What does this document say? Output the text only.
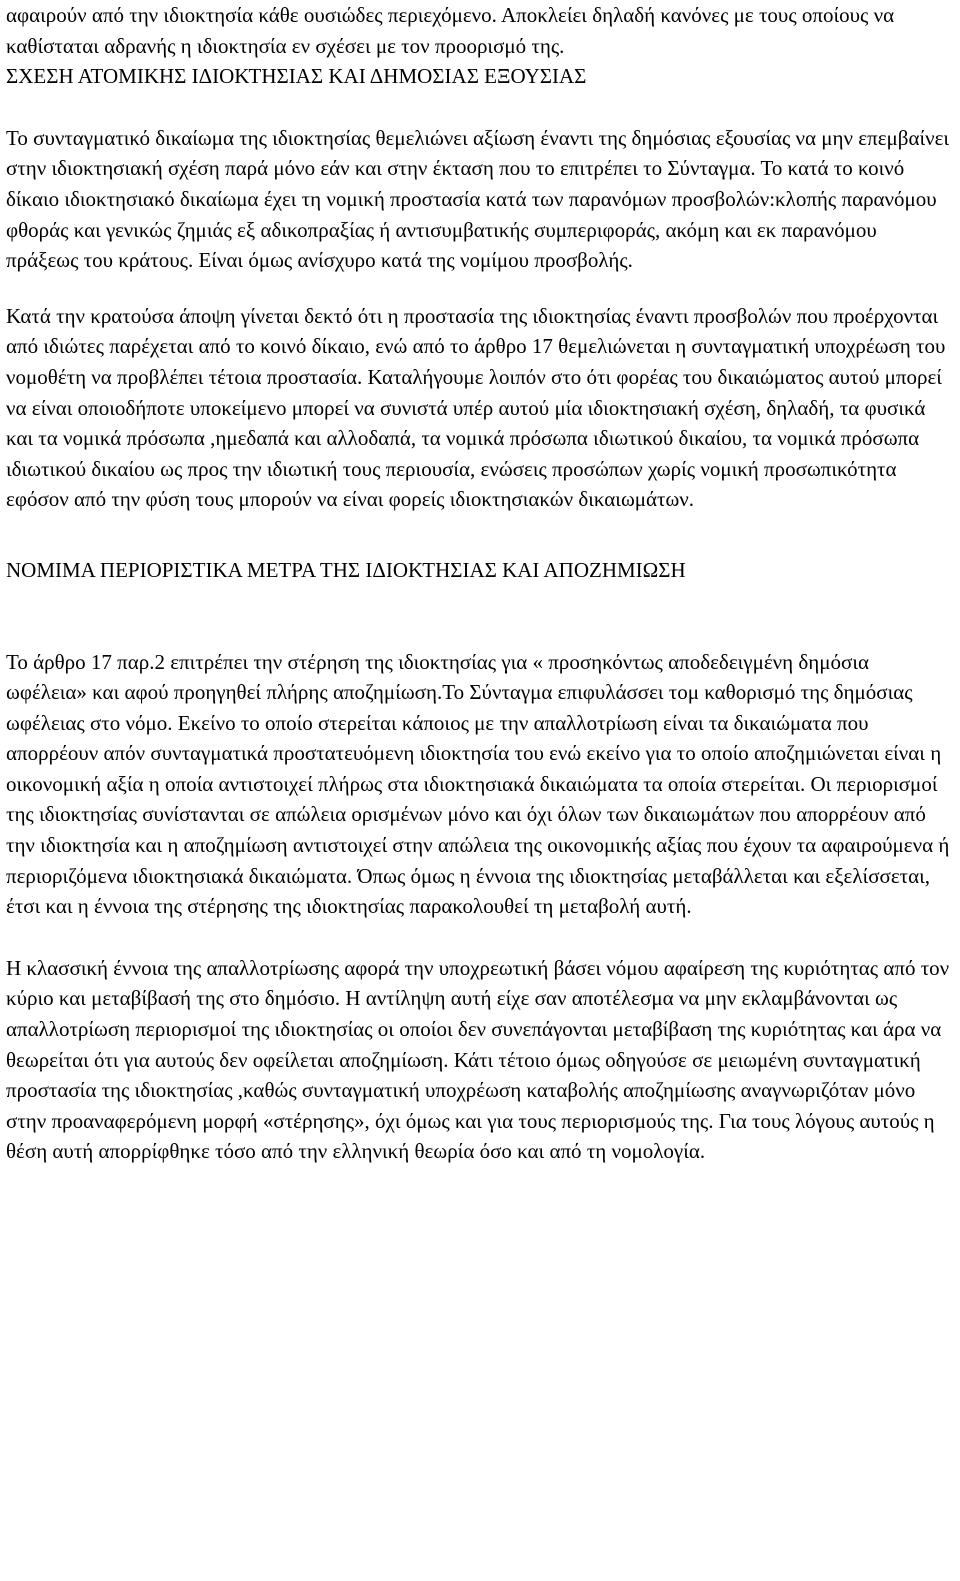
αφαιρούν από την ιδιοκτησία κάθε ουσιώδες περιεχόμενο. Αποκλείει δηλαδή κανόνες με τους οποίους να καθίσταται αδρανής η ιδιοκτησία εν σχέσει με τον προορισμό της.

ΣΧΕΣΗ ΑΤΟΜΙΚΗΣ ΙΔΙΟΚΤΗΣΙΑΣ ΚΑΙ ΔΗΜΟΣΙΑΣ ΕΞΟΥΣΙΑΣ

Το συνταγματικό δικαίωμα της ιδιοκτησίας θεμελιώνει αξίωση έναντι της δημόσιας εξουσίας να μην επεμβαίνει στην ιδιοκτησιακή σχέση παρά μόνο εάν και στην έκταση που το επιτρέπει το Σύνταγμα. Το κατά το κοινό δίκαιο ιδιοκτησιακό δικαίωμα έχει τη νομική προστασία κατά των παρανόμων προσβολών:κλοπής παρανόμου φθοράς και γενικώς ζημιάς εξ αδικοπραξίας ή αντισυμβατικής συμπεριφοράς, ακόμη και εκ παρανόμου πράξεως του κράτους. Είναι όμως ανίσχυρο κατά της νομίμου προσβολής.

Κατά την κρατούσα άποψη γίνεται δεκτό ότι η προστασία της ιδιοκτησίας έναντι προσβολών που προέρχονται από ιδιώτες παρέχεται από το κοινό δίκαιο, ενώ από το άρθρο 17 θεμελιώνεται η συνταγματική υποχρέωση του νομοθέτη να προβλέπει τέτοια προστασία. Καταλήγουμε λοιπόν στο ότι φορέας του δικαιώματος αυτού μπορεί να είναι οποιοδήποτε υποκείμενο μπορεί να συνιστά υπέρ αυτού μία ιδιοκτησιακή σχέση, δηλαδή, τα φυσικά και τα νομικά πρόσωπα ,ημεδαπά και αλλοδαπά, τα νομικά πρόσωπα ιδιωτικού δικαίου, τα νομικά πρόσωπα ιδιωτικού δικαίου ως προς την ιδιωτική τους περιουσία, ενώσεις προσώπων χωρίς νομική προσωπικότητα εφόσον από την φύση τους μπορούν να είναι φορείς ιδιοκτησιακών δικαιωμάτων.

ΝΟΜΙΜΑ ΠΕΡΙΟΡΙΣΤΙΚΑ ΜΕΤΡΑ ΤΗΣ ΙΔΙΟΚΤΗΣΙΑΣ ΚΑΙ ΑΠΟΖΗΜΙΩΣΗ

Το άρθρο 17 παρ.2 επιτρέπει την στέρηση της ιδιοκτησίας για « προσηκόντως αποδεδειγμένη δημόσια ωφέλεια» και αφού προηγηθεί πλήρης αποζημίωση.Το Σύνταγμα επιφυλάσσει τομ καθορισμό της δημόσιας ωφέλειας στο νόμο. Εκείνο το οποίο στερείται κάποιος με την απαλλοτρίωση είναι τα δικαιώματα που απορρέουν απόν συνταγματικά προστατευόμενη ιδιοκτησία του ενώ εκείνο για το οποίο αποζημιώνεται είναι η οικονομική αξία η οποία αντιστοιχεί πλήρως στα ιδιοκτησιακά δικαιώματα τα οποία στερείται. Οι περιορισμοί της ιδιοκτησίας συνίστανται σε απώλεια ορισμένων μόνο και όχι όλων των δικαιωμάτων που απορρέουν από την ιδιοκτησία και η αποζημίωση αντιστοιχεί στην απώλεια της οικονομικής αξίας που έχουν τα αφαιρούμενα ή περιοριζόμενα ιδιοκτησιακά δικαιώματα. Όπως όμως η έννοια της ιδιοκτησίας μεταβάλλεται και εξελίσσεται, έτσι και η έννοια της στέρησης της ιδιοκτησίας παρακολουθεί τη μεταβολή αυτή.

Η κλασσική έννοια της απαλλοτρίωσης αφορά την υποχρεωτική βάσει νόμου αφαίρεση της κυριότητας από τον κύριο και μεταβίβασή της στο δημόσιο. Η αντίληψη αυτή είχε σαν αποτέλεσμα να μην εκλαμβάνονται ως απαλλοτρίωση περιορισμοί της ιδιοκτησίας οι οποίοι δεν συνεπάγονται μεταβίβαση της κυριότητας και άρα να θεωρείται ότι για αυτούς δεν οφείλεται αποζημίωση. Κάτι τέτοιο όμως οδηγούσε σε μειωμένη συνταγματική προστασία της ιδιοκτησίας ,καθώς συνταγματική υποχρέωση καταβολής αποζημίωσης αναγνωριζόταν μόνο στην προαναφερόμενη μορφή «στέρησης», όχι όμως και για τους περιορισμούς της. Για τους λόγους αυτούς η θέση αυτή απορρίφθηκε τόσο από την ελληνική θεωρία όσο και από τη νομολογία.
